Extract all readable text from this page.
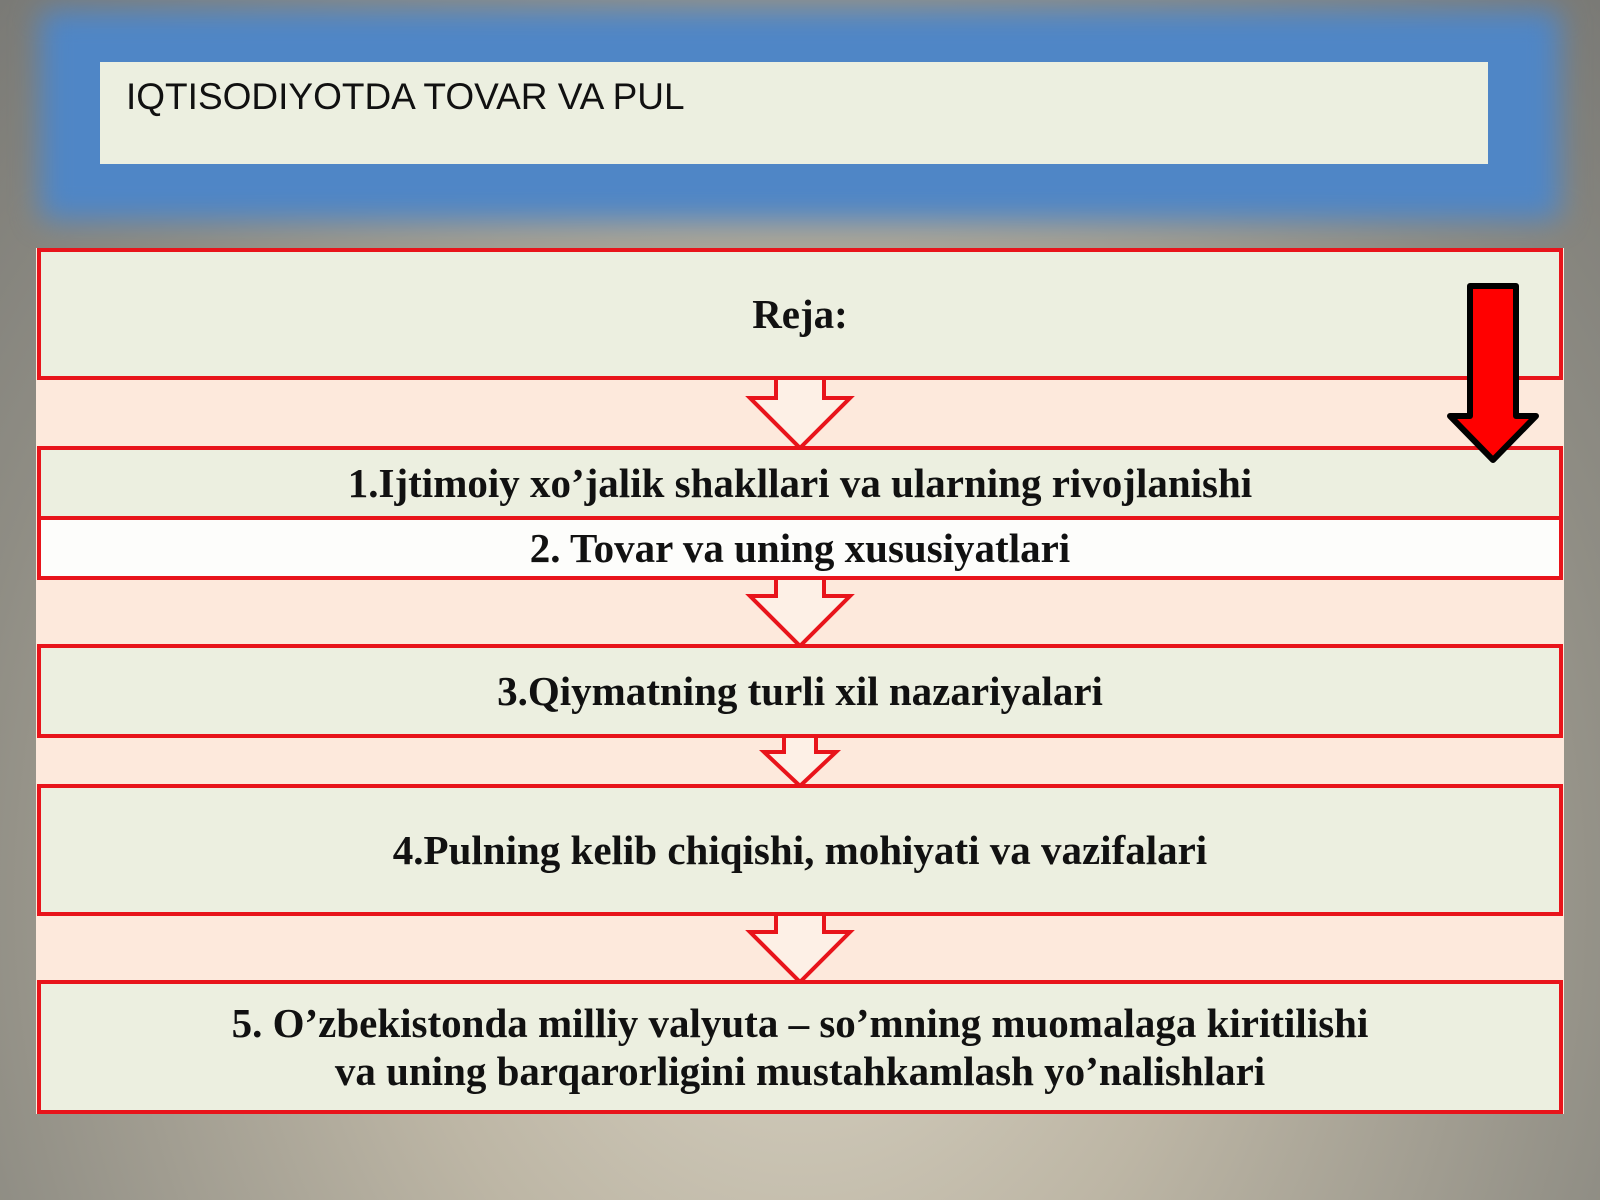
IQTISODIYOTDA TOVAR VA PUL
Reja:
1.Ijtimoiy xo’jalik shakllari va ularning rivojlanishi
2. Tovar va uning xususiyatlari
3.Qiymatning turli xil nazariyalari
4.Pulning kelib chiqishi, mohiyati va vazifalari
5. O’zbekistonda milliy valyuta – so’mning muomalaga kiritilishi
va uning barqarorligini mustahkamlash yo’nalishlari
